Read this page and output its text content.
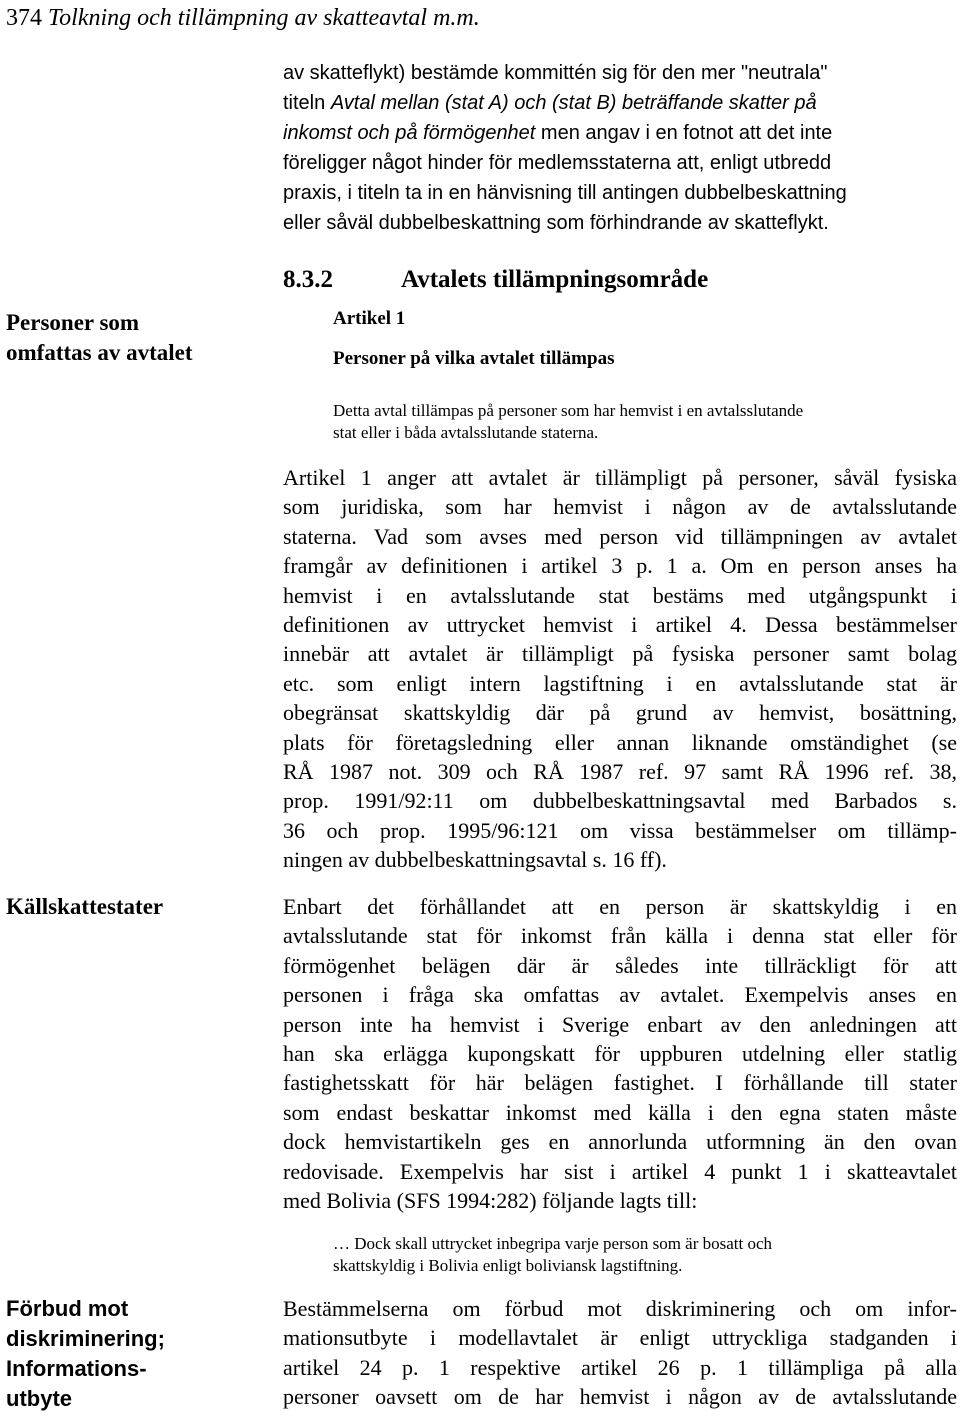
374 Tolkning och tillämpning av skatteavtal m.m.
av skatteflykt) bestämde kommittén sig för den mer "neutrala"
titeln Avtal mellan (stat A) och (stat B) beträffande skatter på
inkomst och på förmögenhet men angav i en fotnot att det inte
föreligger något hinder för medlemsstaterna att, enligt utbredd
praxis, i titeln ta in en hänvisning till antingen dubbelbeskattning
eller såväl dubbelbeskattning som förhindrande av skatteflykt.
8.3.2	Avtalets tillämpningsområde
Personer som
omfattas av avtalet
Artikel 1
Personer på vilka avtalet tillämpas
Detta avtal tillämpas på personer som har hemvist i en avtalsslutande
stat eller i båda avtalsslutande staterna.
Artikel 1 anger att avtalet är tillämpligt på personer, såväl fysiska
som juridiska, som har hemvist i någon av de avtalsslutande
staterna. Vad som avses med person vid tillämpningen av avtalet
framgår av definitionen i artikel 3 p. 1 a. Om en person anses ha
hemvist i en avtalsslutande stat bestäms med utgångspunkt i
definitionen av uttrycket hemvist i artikel 4. Dessa bestämmelser
innebär att avtalet är tillämpligt på fysiska personer samt bolag
etc. som enligt intern lagstiftning i en avtalsslutande stat är
obegränsat skattskyldig där på grund av hemvist, bosättning,
plats för företagsledning eller annan liknande omständighet (se
RÅ 1987 not. 309 och RÅ 1987 ref. 97 samt RÅ 1996 ref. 38,
prop. 1991/92:11 om dubbelbeskattningsavtal med Barbados s.
36 och prop. 1995/96:121 om vissa bestämmelser om tillämp-
ningen av dubbelbeskattningsavtal s. 16 ff).
Källskattestater	Enbart det förhållandet att en person är skattskyldig i en
avtalsslutande stat för inkomst från källa i denna stat eller för
förmögenhet belägen där är således inte tillräckligt för att
personen i fråga ska omfattas av avtalet. Exempelvis anses en
person inte ha hemvist i Sverige enbart av den anledningen att
han ska erlägga kupongskatt för uppburen utdelning eller statlig
fastighetsskatt för här belägen fastighet. I förhållande till stater
som endast beskattar inkomst med källa i den egna staten måste
dock hemvistartikeln ges en annorlunda utformning än den ovan
redovisade. Exempelvis har sist i artikel 4 punkt 1 i skatteavtalet
med Bolivia (SFS 1994:282) följande lagts till:
… Dock skall uttrycket inbegripa varje person som är bosatt och
skattskyldig i Bolivia enligt boliviansk lagstiftning.
Förbud mot
diskriminering;
Informations-
utbyte
Bestämmelserna om förbud mot diskriminering och om infor-
mationsutbyte i modellavtalet är enligt uttryckliga stadganden i
artikel 24 p. 1 respektive artikel 26 p. 1 tillämpliga på alla
personer oavsett om de har hemvist i någon av de avtalsslutande
